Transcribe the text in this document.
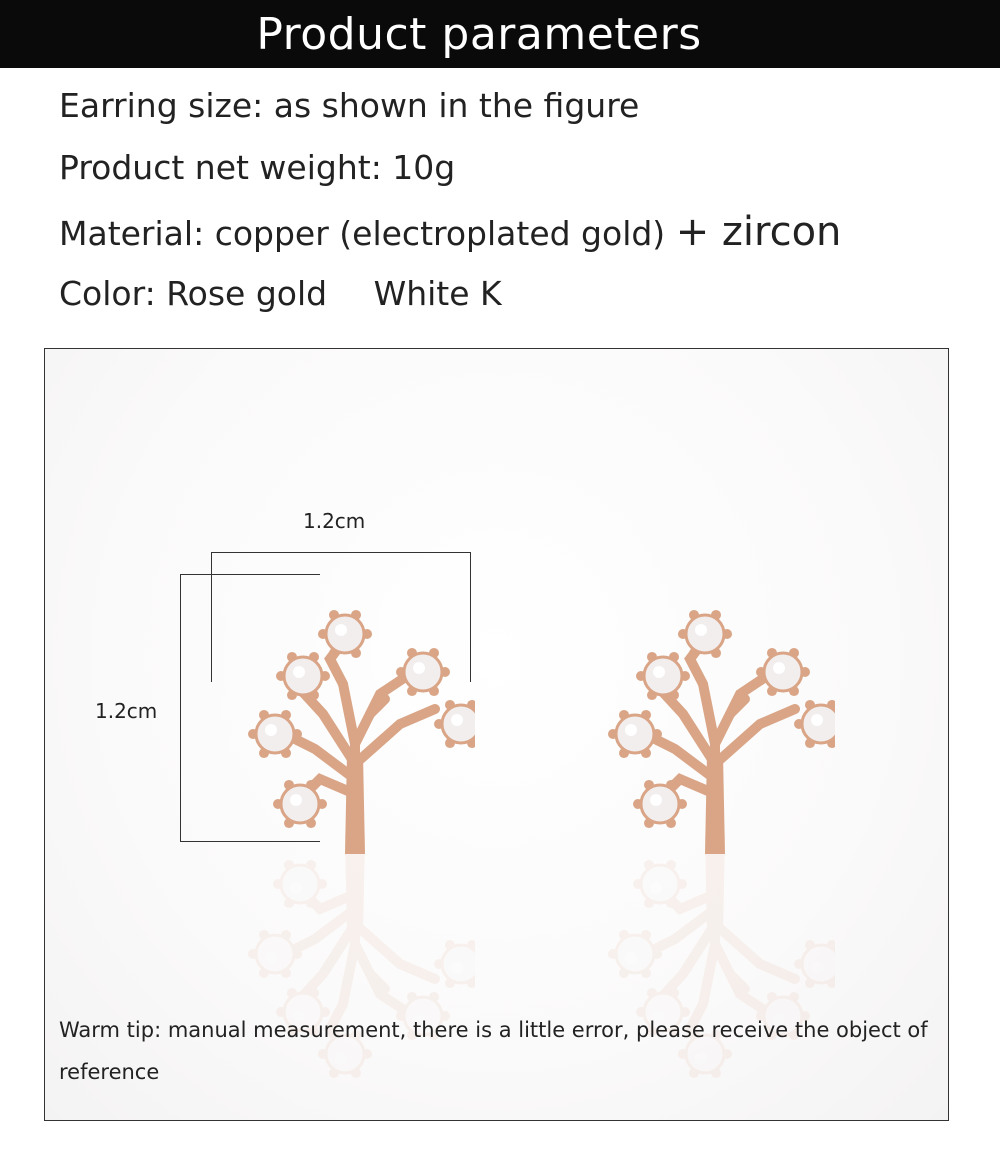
Product parameters
Earring size: as shown in the figure
Product net weight: 10g
Material: copper (electroplated gold) + zircon
Color: Rose gold White K
1.2cm
1.2cm
Warm tip: manual measurement, there is a little error, please receive the object of reference
